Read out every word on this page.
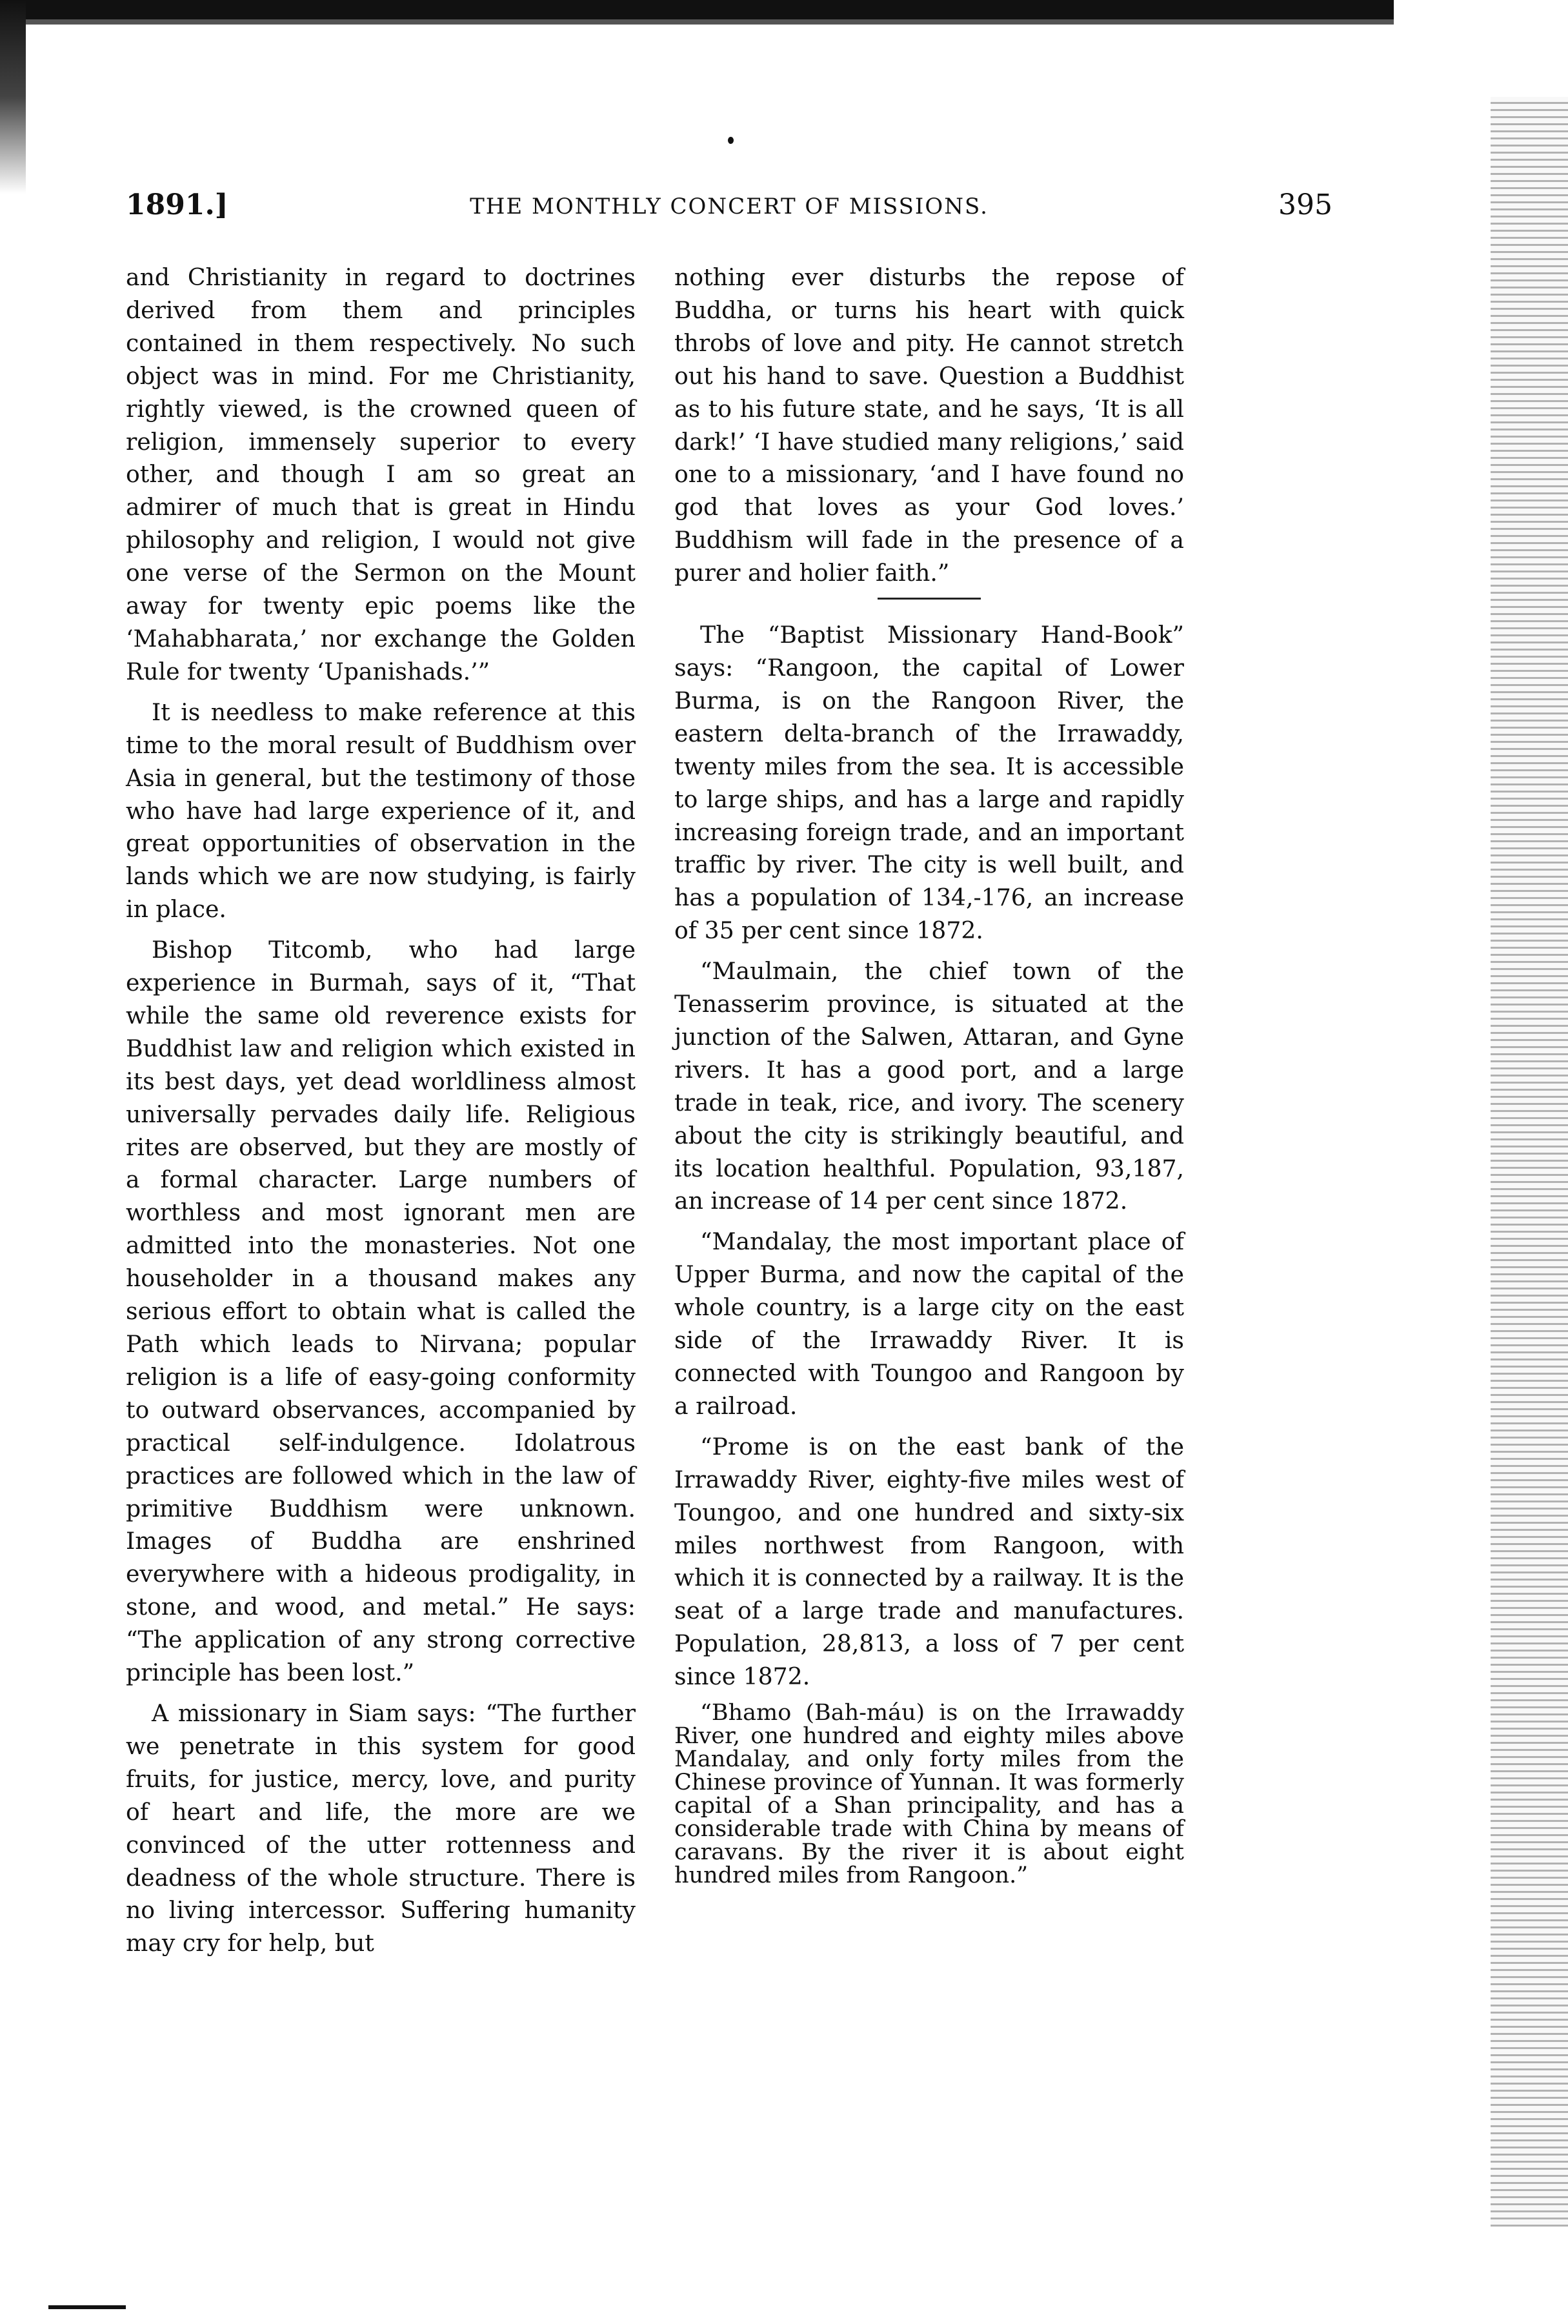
1891.]	THE MONTHLY CONCERT OF MISSIONS.	395

and Christianity in regard to doctrines derived from them and principles contained in them respectively. No such object was in mind. For me Christianity, rightly viewed, is the crowned queen of religion, immensely superior to every other, and though I am so great an admirer of much that is great in Hindu philosophy and religion, I would not give one verse of the Sermon on the Mount away for twenty epic poems like the ‘Mahabharata,’ nor exchange the Golden Rule for twenty ‘Upanishads.’”

It is needless to make reference at this time to the moral result of Buddhism over Asia in general, but the testimony of those who have had large experience of it, and great opportunities of observation in the lands which we are now studying, is fairly in place.

Bishop Titcomb, who had large experience in Burmah, says of it, “That while the same old reverence exists for Buddhist law and religion which existed in its best days, yet dead worldliness almost universally pervades daily life. Religious rites are observed, but they are mostly of a formal character. Large numbers of worthless and most ignorant men are admitted into the monasteries. Not one householder in a thousand makes any serious effort to obtain what is called the Path which leads to Nirvana; popular religion is a life of easy-going conformity to outward observances, accompanied by practical self-indulgence. Idolatrous practices are followed which in the law of primitive Buddhism were unknown. Images of Buddha are enshrined everywhere with a hideous prodigality, in stone, and wood, and metal.” He says: “The application of any strong corrective principle has been lost.”

A missionary in Siam says: “The further we penetrate in this system for good fruits, for justice, mercy, love, and purity of heart and life, the more are we convinced of the utter rottenness and deadness of the whole structure. There is no living intercessor. Suffering humanity may cry for help, but

nothing ever disturbs the repose of Buddha, or turns his heart with quick throbs of love and pity. He cannot stretch out his hand to save. Question a Buddhist as to his future state, and he says, ‘It is all dark!’ ‘I have studied many religions,’ said one to a missionary, ‘and I have found no god that loves as your God loves.’ Buddhism will fade in the presence of a purer and holier faith.”

The “Baptist Missionary Hand-Book” says: “Rangoon, the capital of Lower Burma, is on the Rangoon River, the eastern delta-branch of the Irrawaddy, twenty miles from the sea. It is accessible to large ships, and has a large and rapidly increasing foreign trade, and an important traffic by river. The city is well built, and has a population of 134,-176, an increase of 35 per cent since 1872.

“Maulmain, the chief town of the Tenasserim province, is situated at the junction of the Salwen, Attaran, and Gyne rivers. It has a good port, and a large trade in teak, rice, and ivory. The scenery about the city is strikingly beautiful, and its location healthful. Population, 93,187, an increase of 14 per cent since 1872.

“Mandalay, the most important place of Upper Burma, and now the capital of the whole country, is a large city on the east side of the Irrawaddy River. It is connected with Toungoo and Rangoon by a railroad.

“Prome is on the east bank of the Irrawaddy River, eighty-five miles west of Toungoo, and one hundred and sixty-six miles northwest from Rangoon, with which it is connected by a railway. It is the seat of a large trade and manufactures. Population, 28,813, a loss of 7 per cent since 1872.

“Bhamo (Bah-máu) is on the Irrawaddy River, one hundred and eighty miles above Mandalay, and only forty miles from the Chinese province of Yunnan. It was formerly capital of a Shan principality, and has a considerable trade with China by means of caravans. By the river it is about eight hundred miles from Rangoon.”
